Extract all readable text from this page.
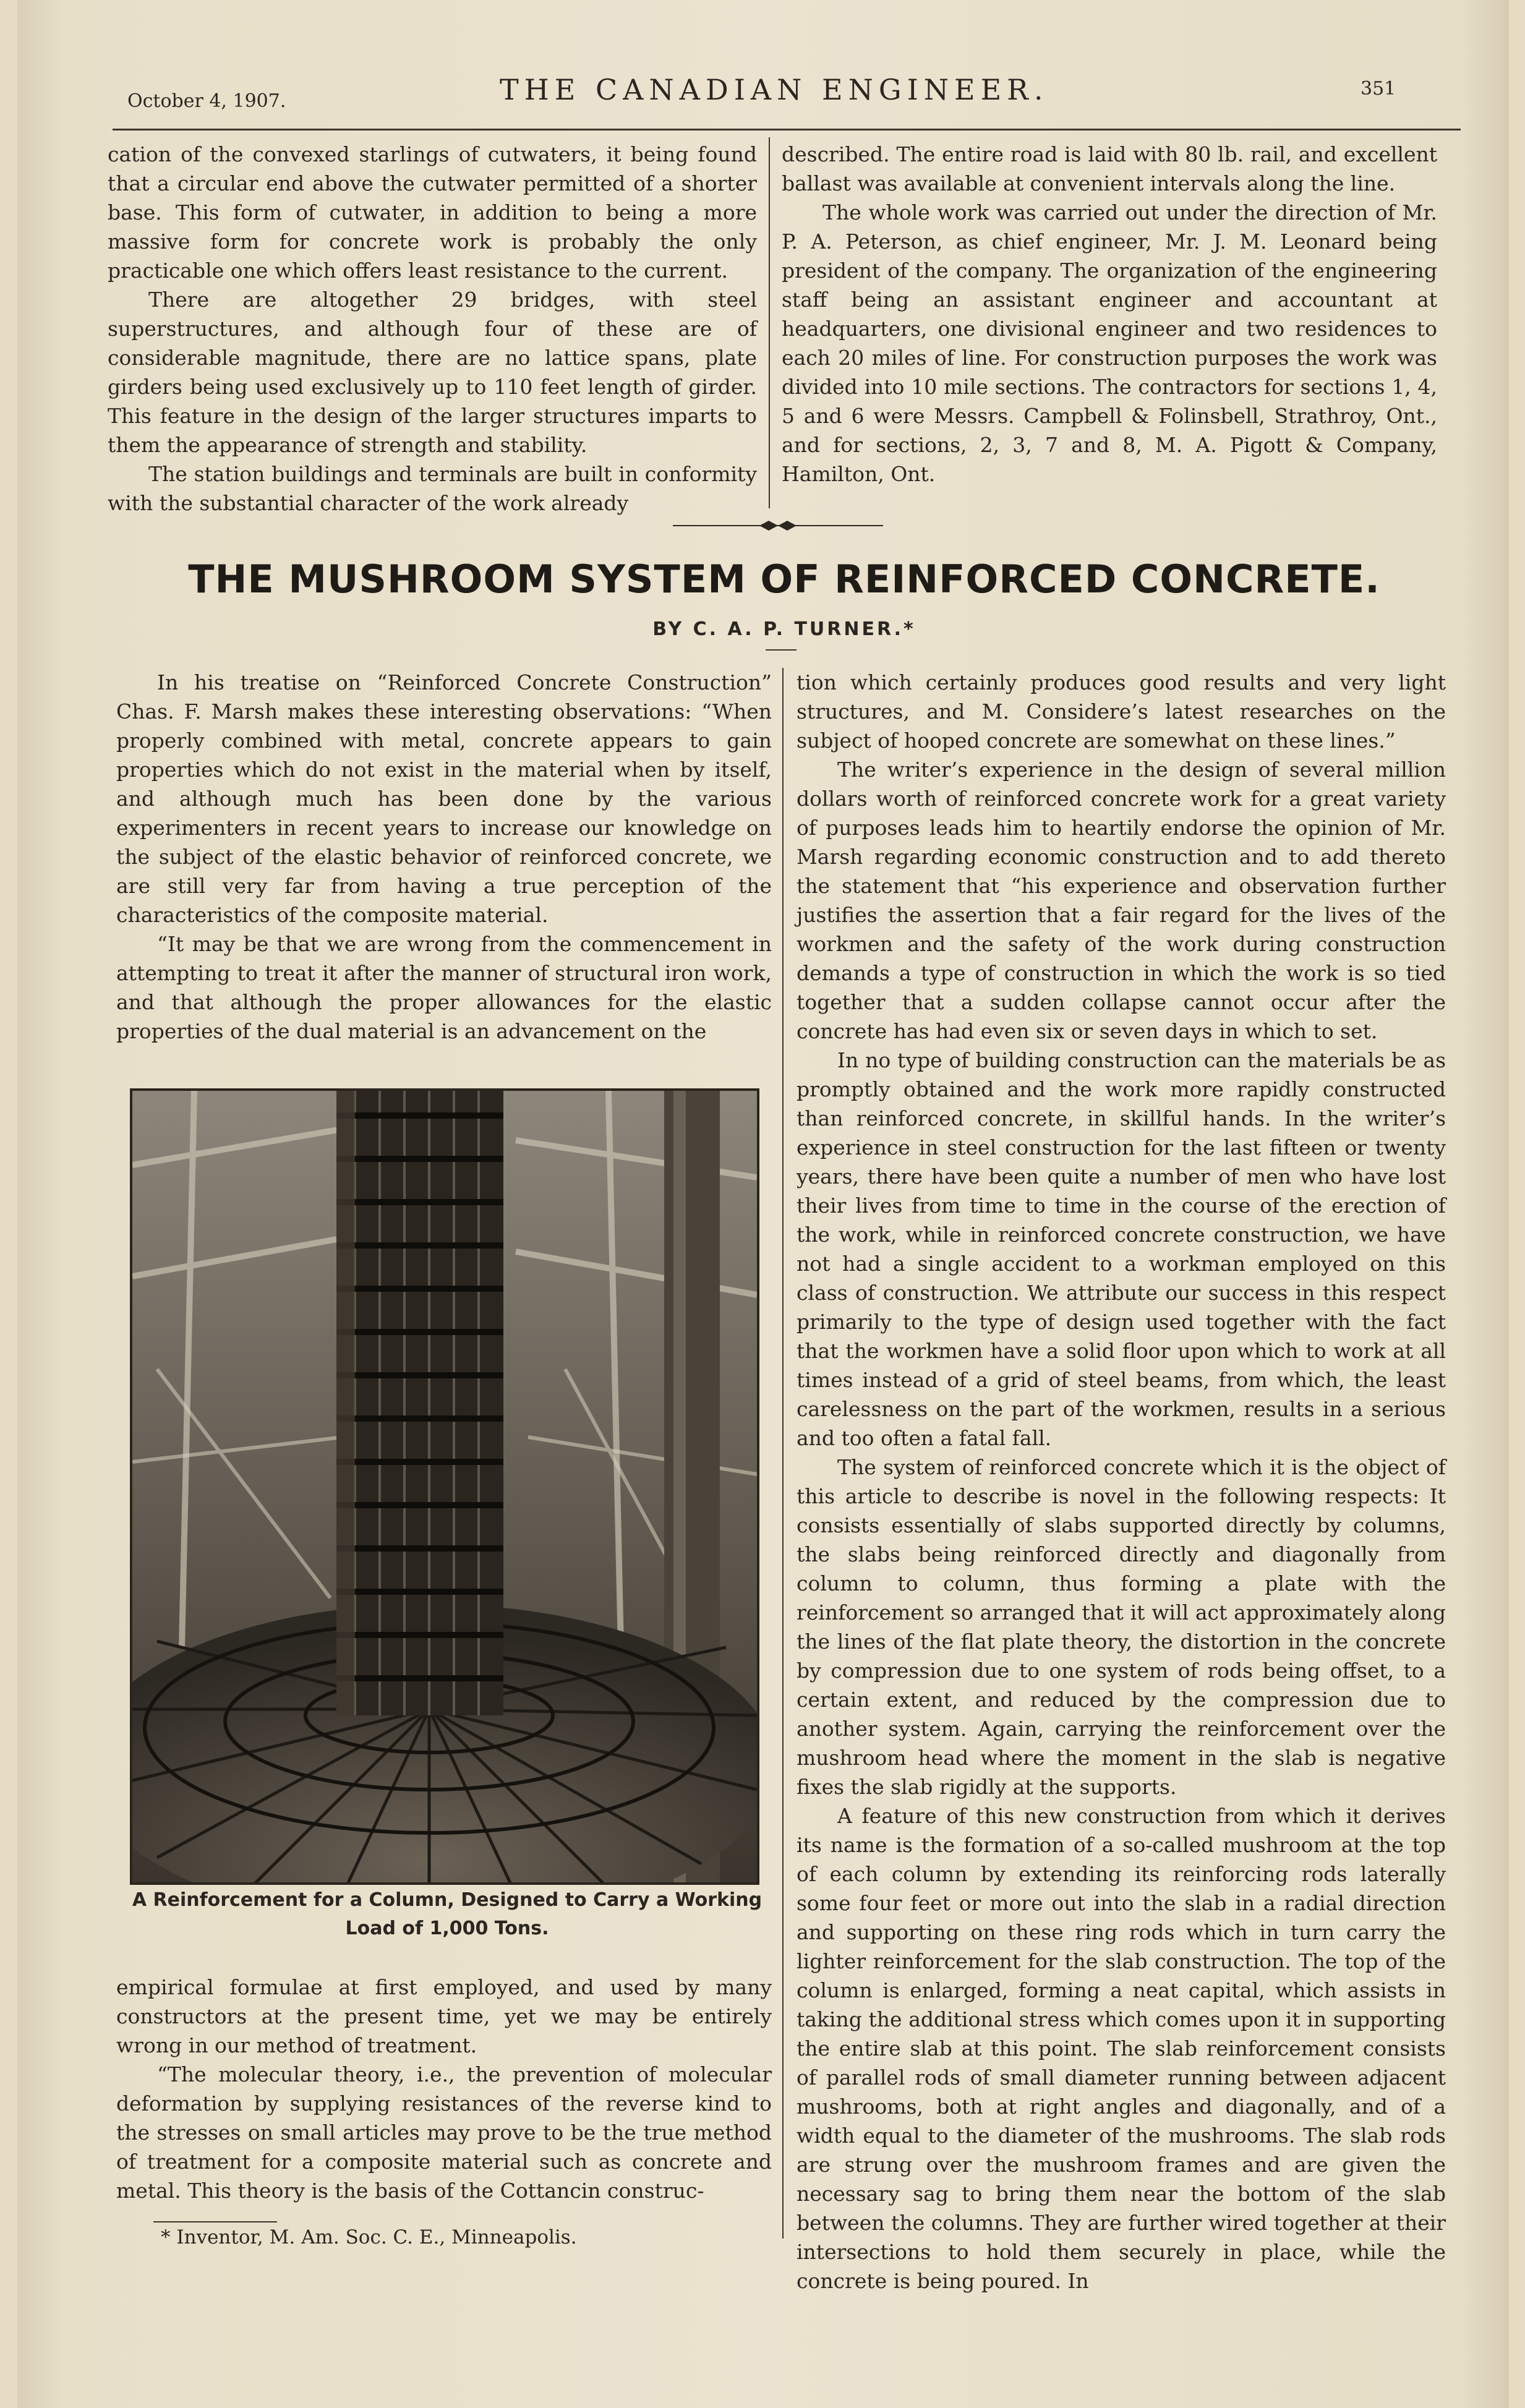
October 4, 1907.	THE CANADIAN ENGINEER.	351

cation of the convexed starlings of cutwaters, it being found that a circular end above the cutwater permitted of a shorter base. This form of cutwater, in addition to being a more massive form for concrete work is probably the only practicable one which offers least resistance to the current.

There are altogether 29 bridges, with steel superstructures, and although four of these are of considerable magnitude, there are no lattice spans, plate girders being used exclusively up to 110 feet length of girder. This feature in the design of the larger structures imparts to them the appearance of strength and stability.

The station buildings and terminals are built in conformity with the substantial character of the work already

described. The entire road is laid with 80 lb. rail, and excellent ballast was available at convenient intervals along the line.

The whole work was carried out under the direction of Mr. P. A. Peterson, as chief engineer, Mr. J. M. Leonard being president of the company. The organization of the engineering staff being an assistant engineer and accountant at headquarters, one divisional engineer and two residences to each 20 miles of line. For construction purposes the work was divided into 10 mile sections. The contractors for sections 1, 4, 5 and 6 were Messrs. Campbell & Folinsbell, Strathroy, Ont., and for sections, 2, 3, 7 and 8, M. A. Pigott & Company, Hamilton, Ont.

THE MUSHROOM SYSTEM OF REINFORCED CONCRETE.
BY C. A. P. TURNER.*

In his treatise on “Reinforced Concrete Construction” Chas. F. Marsh makes these interesting observations: “When properly combined with metal, concrete appears to gain properties which do not exist in the material when by itself, and although much has been done by the various experimenters in recent years to increase our knowledge on the subject of the elastic behavior of reinforced concrete, we are still very far from having a true perception of the characteristics of the composite material.

“It may be that we are wrong from the commencement in attempting to treat it after the manner of structural iron work, and that although the proper allowances for the elastic properties of the dual material is an advancement on the

A Reinforcement for a Column, Designed to Carry a Working Load of 1,000 Tons.

empirical formulae at first employed, and used by many constructors at the present time, yet we may be entirely wrong in our method of treatment.

“The molecular theory, i.e., the prevention of molecular deformation by supplying resistances of the reverse kind to the stresses on small articles may prove to be the true method of treatment for a composite material such as concrete and metal. This theory is the basis of the Cottancin construc-

* Inventor, M. Am. Soc. C. E., Minneapolis.

tion which certainly produces good results and very light structures, and M. Considere’s latest researches on the subject of hooped concrete are somewhat on these lines.”

The writer’s experience in the design of several million dollars worth of reinforced concrete work for a great variety of purposes leads him to heartily endorse the opinion of Mr. Marsh regarding economic construction and to add thereto the statement that “his experience and observation further justifies the assertion that a fair regard for the lives of the workmen and the safety of the work during construction demands a type of construction in which the work is so tied together that a sudden collapse cannot occur after the concrete has had even six or seven days in which to set.

In no type of building construction can the materials be as promptly obtained and the work more rapidly constructed than reinforced concrete, in skillful hands. In the writer’s experience in steel construction for the last fifteen or twenty years, there have been quite a number of men who have lost their lives from time to time in the course of the erection of the work, while in reinforced concrete construction, we have not had a single accident to a workman employed on this class of construction. We attribute our success in this respect primarily to the type of design used together with the fact that the workmen have a solid floor upon which to work at all times instead of a grid of steel beams, from which, the least carelessness on the part of the workmen, results in a serious and too often a fatal fall.

The system of reinforced concrete which it is the object of this article to describe is novel in the following respects: It consists essentially of slabs supported directly by columns, the slabs being reinforced directly and diagonally from column to column, thus forming a plate with the reinforcement so arranged that it will act approximately along the lines of the flat plate theory, the distortion in the concrete by compression due to one system of rods being offset, to a certain extent, and reduced by the compression due to another system. Again, carrying the reinforcement over the mushroom head where the moment in the slab is negative fixes the slab rigidly at the supports.

A feature of this new construction from which it derives its name is the formation of a so-called mushroom at the top of each column by extending its reinforcing rods laterally some four feet or more out into the slab in a radial direction and supporting on these ring rods which in turn carry the lighter reinforcement for the slab construction. The top of the column is enlarged, forming a neat capital, which assists in taking the additional stress which comes upon it in supporting the entire slab at this point. The slab reinforcement consists of parallel rods of small diameter running between adjacent mushrooms, both at right angles and diagonally, and of a width equal to the diameter of the mushrooms. The slab rods are strung over the mushroom frames and are given the necessary sag to bring them near the bottom of the slab between the columns. They are further wired together at their intersections to hold them securely in place, while the concrete is being poured. In
